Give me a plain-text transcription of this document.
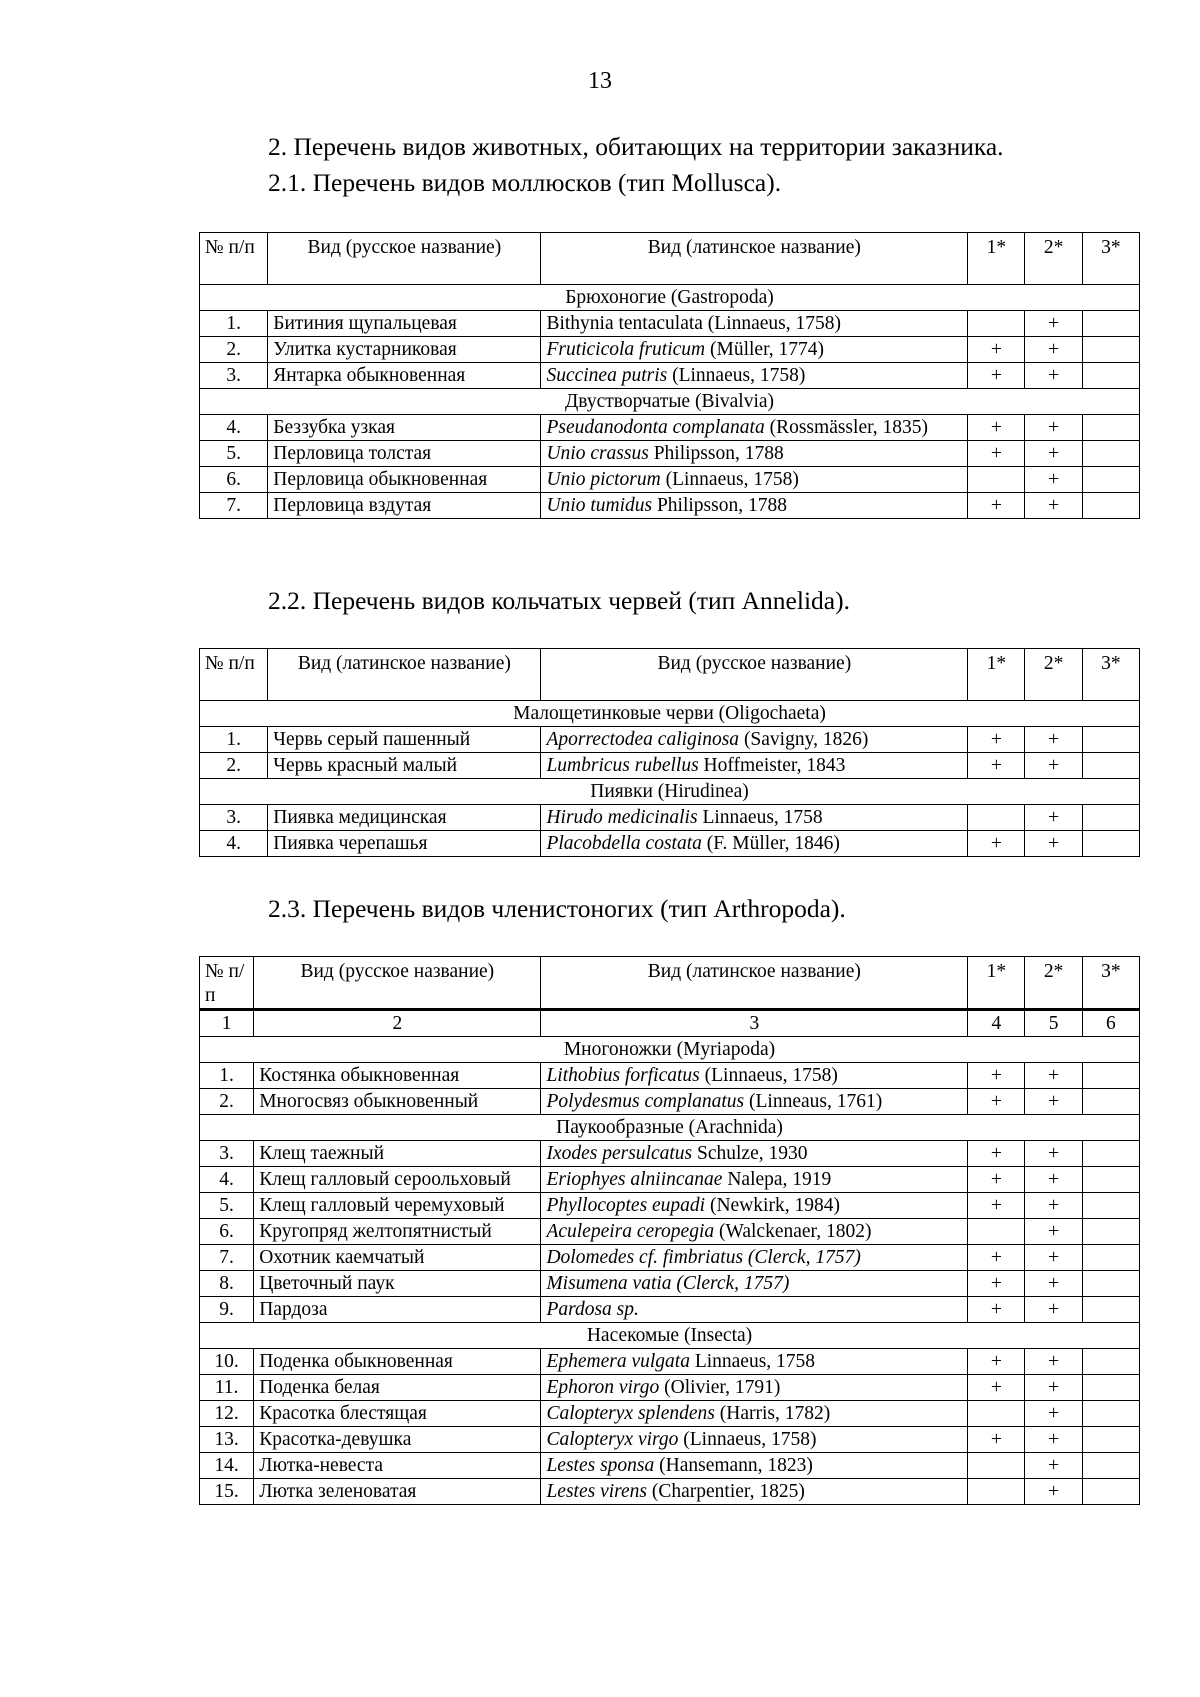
13
2. Перечень видов животных, обитающих на территории заказника.
2.1. Перечень видов моллюсков (тип Mollusca).
№ п/п	Вид (русское название)	Вид (латинское название)	1*	2*	3*
Брюхоногие (Gastropoda)					
1.	Битиния щупальцевая	Bithynia tentaculata (Linnaeus, 1758)		+	
2.	Улитка кустарниковая	Fruticicola fruticum (Müller, 1774)	+	+	
3.	Янтарка обыкновенная	Succinea putris (Linnaeus, 1758)	+	+	
Двустворчатые (Bivalvia)					
4.	Беззубка узкая	Pseudanodonta complanata (Rossmässler, 1835)	+	+	
5.	Перловица толстая	Unio crassus Philipsson, 1788	+	+	
6.	Перловица обыкновенная	Unio pictorum (Linnaeus, 1758)		+	
7.	Перловица вздутая	Unio tumidus Philipsson, 1788	+	+	
2.2. Перечень видов кольчатых червей (тип Annelida).
№ п/п	Вид (латинское название)	Вид (русское название)	1*	2*	3*
Малощетинковые черви (Oligochaeta)					
1.	Червь серый пашенный	Aporrectodea caliginosa (Savigny, 1826)	+	+	
2.	Червь красный малый	Lumbricus rubellus Hoffmeister, 1843	+	+	
Пиявки (Hirudinea)					
3.	Пиявка медицинская	Hirudo medicinalis Linnaeus, 1758		+	
4.	Пиявка черепашья	Placobdella costata (F. Müller, 1846)	+	+	
2.3. Перечень видов членистоногих (тип Arthropoda).
№ п/п	Вид (русское название)	Вид (латинское название)	1*	2*	3*
1	2	3	4	5	6
Многоножки (Myriapoda)					
1.	Костянка обыкновенная	Lithobius forficatus (Linnaeus, 1758)	+	+	
2.	Многосвяз обыкновенный	Polydesmus complanatus (Linneaus, 1761)	+	+	
Паукообразные (Arachnida)					
3.	Клещ таежный	Ixodes persulcatus Schulze, 1930	+	+	
4.	Клещ галловый сероольховый	Eriophyes alniincanae Nalepa, 1919	+	+	
5.	Клещ галловый черемуховый	Phyllocoptes eupadi (Newkirk, 1984)	+	+	
6.	Кругопряд желтопятнистый	Aculepeira ceropegia (Walckenaer, 1802)		+	
7.	Охотник каемчатый	Dolomedes cf. fimbriatus (Clerck, 1757)	+	+	
8.	Цветочный паук	Misumena vatia (Clerck, 1757)	+	+	
9.	Пардоза	Pardosa sp.	+	+	
Насекомые (Insecta)					
10.	Поденка обыкновенная	Ephemera vulgata Linnaeus, 1758	+	+	
11.	Поденка белая	Ephoron virgo (Olivier, 1791)	+	+	
12.	Красотка блестящая	Calopteryx splendens (Harris, 1782)		+	
13.	Красотка-девушка	Calopteryx virgo (Linnaeus, 1758)	+	+	
14.	Лютка-невеста	Lestes sponsa (Hansemann, 1823)		+	
15.	Лютка зеленоватая	Lestes virens (Charpentier, 1825)		+	
